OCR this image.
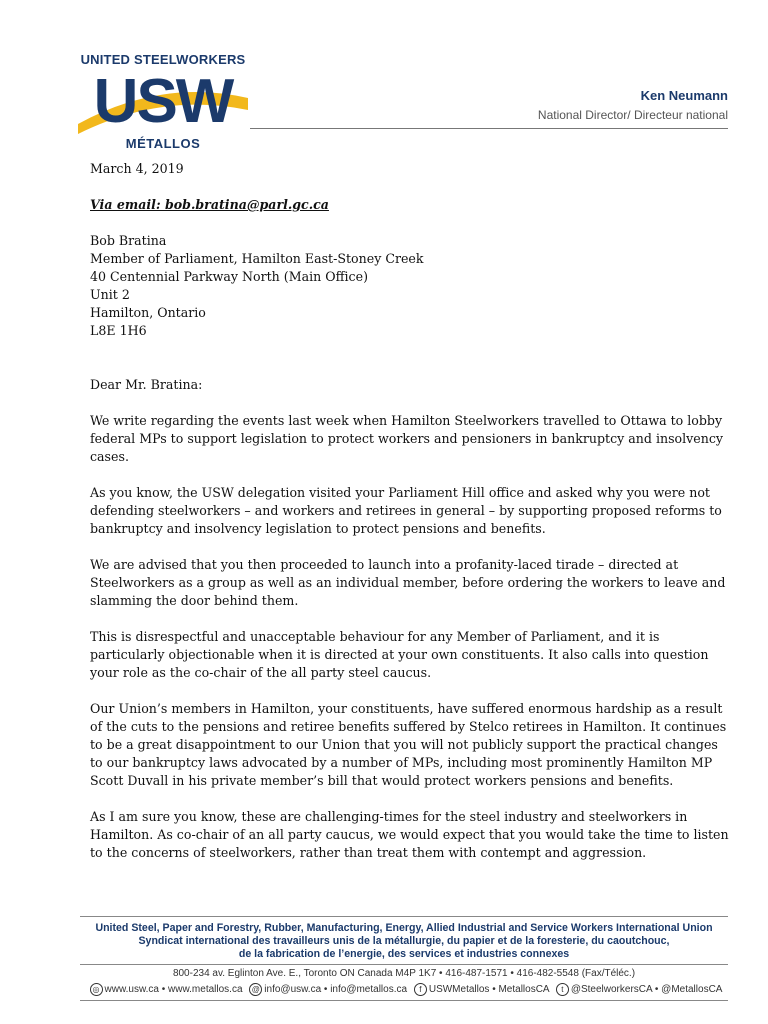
UNITED STEELWORKERS
USW
MÉTALLOS
Ken Neumann
National Director/ Directeur national

March 4, 2019

Via email: bob.bratina@parl.gc.ca

Bob Bratina

Member of Parliament, Hamilton East-Stoney Creek

40 Centennial Parkway North (Main Office)

Unit 2

Hamilton, Ontario

L8E 1H6

Dear Mr. Bratina:

We write regarding the events last week when Hamilton Steelworkers travelled to Ottawa to lobby federal MPs to support legislation to protect workers and pensioners in bankruptcy and insolvency cases.

As you know, the USW delegation visited your Parliament Hill office and asked why you were not defending steelworkers – and workers and retirees in general – by supporting proposed reforms to bankruptcy and insolvency legislation to protect pensions and benefits.

We are advised that you then proceeded to launch into a profanity-laced tirade – directed at Steelworkers as a group as well as an individual member, before ordering the workers to leave and slamming the door behind them.

This is disrespectful and unacceptable behaviour for any Member of Parliament, and it is particularly objectionable when it is directed at your own constituents. It also calls into question your role as the co-chair of the all party steel caucus.

Our Union’s members in Hamilton, your constituents, have suffered enormous hardship as a result of the cuts to the pensions and retiree benefits suffered by Stelco retirees in Hamilton. It continues to be a great disappointment to our Union that you will not publicly support the practical changes to our bankruptcy laws advocated by a number of MPs, including most prominently Hamilton MP Scott Duvall in his private member’s bill that would protect workers pensions and benefits.

As I am sure you know, these are challenging-times for the steel industry and steelworkers in Hamilton. As co-chair of an all party caucus, we would expect that you would take the time to listen to the concerns of steelworkers, rather than treat them with contempt and aggression.

United Steel, Paper and Forestry, Rubber, Manufacturing, Energy, Allied Industrial and Service Workers International Union
Syndicat international des travailleurs unis de la métallurgie, du papier et de la foresterie, du caoutchouc,
de la fabrication de l’energie, des services et industries connexes
800-234 av. Eglinton Ave. E., Toronto ON Canada M4P 1K7 • 416-487-1571 • 416-482-5548 (Fax/Téléc.)
◎ www.usw.ca • www.metallos.ca @ info@usw.ca • info@metallos.ca f USWMetallos • MetallosCA t @SteelworkersCA • @MetallosCA
